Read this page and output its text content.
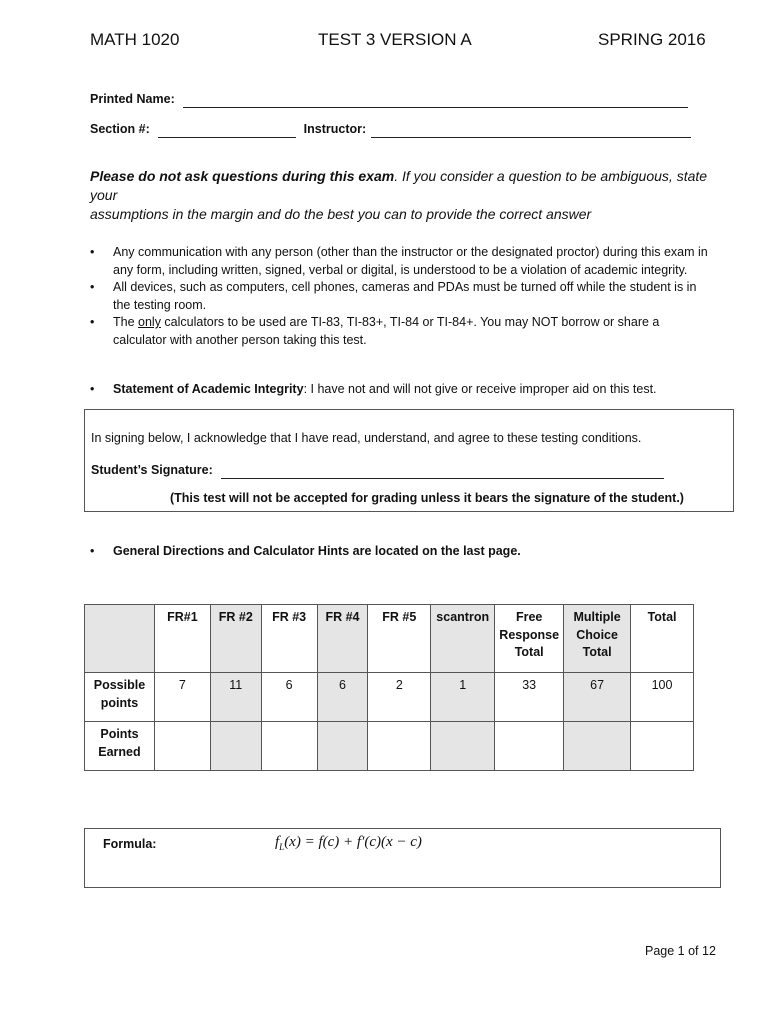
MATH 1020	TEST 3 VERSION A	SPRING 2016
Printed Name:
Section #:	Instructor:
Please do not ask questions during this exam. If you consider a question to be ambiguous, state your
assumptions in the margin and do the best you can to provide the correct answer
• Any communication with any person (other than the instructor or the designated proctor) during this exam in any form, including written, signed, verbal or digital, is understood to be a violation of academic integrity.
• All devices, such as computers, cell phones, cameras and PDAs must be turned off while the student is in the testing room.
• The only calculators to be used are TI-83, TI-83+, TI-84 or TI-84+. You may NOT borrow or share a calculator with another person taking this test.
• Statement of Academic Integrity: I have not and will not give or receive improper aid on this test.
In signing below, I acknowledge that I have read, understand, and agree to these testing conditions.
Student’s Signature:
(This test will not be accepted for grading unless it bears the signature of the student.)
• General Directions and Calculator Hints are located on the last page.
	FR#1	FR #2	FR #3	FR #4	FR #5	scantron	Free Response Total	Multiple Choice Total	Total
Possible points	7	11	6	6	2	1	33	67	100
Points Earned									
Formula:	$f_L(x) = f(c) + f'(c)(x - c)$
Page 1 of 12
